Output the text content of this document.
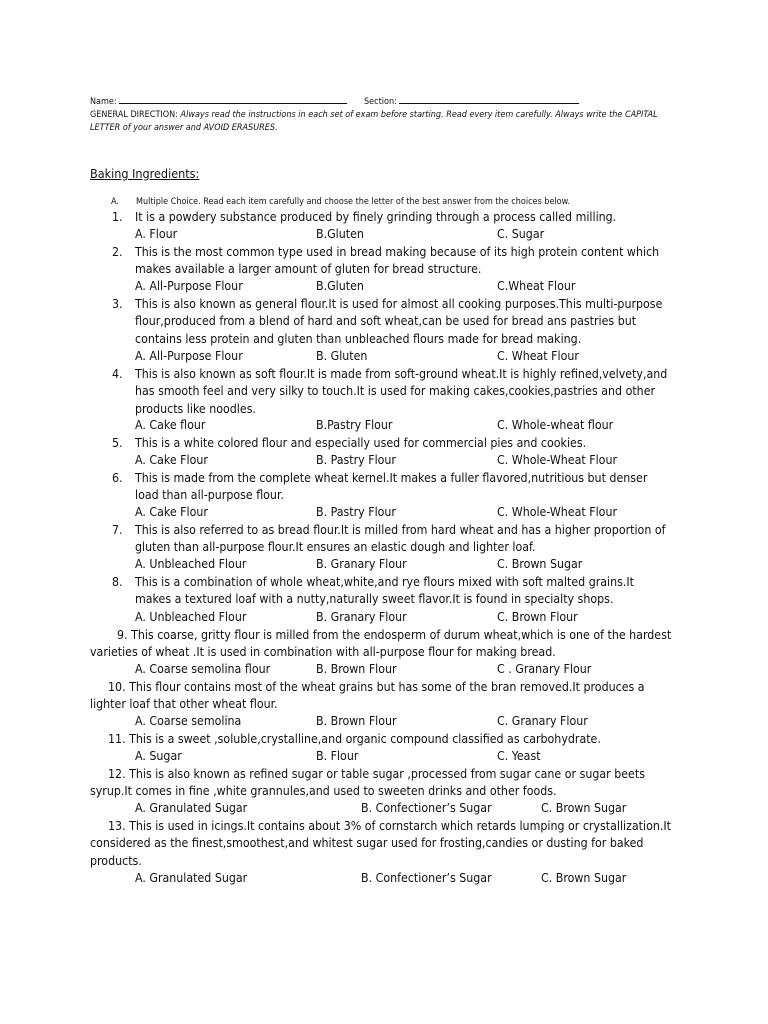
Name:	Section:
GENERAL DIRECTION: Always read the instructions in each set of exam before starting. Read every item carefully. Always write the CAPITAL LETTER of your answer and AVOID ERASURES.
Baking Ingredients:
A. Multiple Choice. Read each item carefully and choose the letter of the best answer from the choices below.
1.	It is a powdery substance produced by finely grinding through a process called milling.
A. Flour	B.Gluten	C. Sugar
2.	This is the most common type used in bread making because of its high protein content which makes available a larger amount of gluten for bread structure.
A. All-Purpose Flour	B.Gluten	C.Wheat Flour
3.	This is also known as general flour.It is used for almost all cooking purposes.This multi-purpose flour,produced from a blend of hard and soft wheat,can be used for bread ans pastries but contains less protein and gluten than unbleached flours made for bread making.
A. All-Purpose Flour	B. Gluten	C. Wheat Flour
4.	This is also known as soft flour.It is made from soft-ground wheat.It is highly refined,velvety,and has smooth feel and very silky to touch.It is used for making cakes,cookies,pastries and other products like noodles.
A. Cake flour	B.Pastry Flour	C. Whole-wheat flour
5.	This is a white colored flour and especially used for commercial pies and cookies.
A. Cake Flour	B. Pastry Flour	C. Whole-Wheat Flour
6.	This is made from the complete wheat kernel.It makes a fuller flavored,nutritious but denser load than all-purpose flour.
A. Cake Flour	B. Pastry Flour	C. Whole-Wheat Flour
7.	This is also referred to as bread flour.It is milled from hard wheat and has a higher proportion of gluten than all-purpose flour.It ensures an elastic dough and lighter loaf.
A. Unbleached Flour	B. Granary Flour	C. Brown Sugar
8.	This is a combination of whole wheat,white,and rye flours mixed with soft malted grains.It makes a textured loaf with a nutty,naturally sweet flavor.It is found in specialty shops.
A. Unbleached Flour	B. Granary Flour	C. Brown Flour
9. This coarse, gritty flour is milled from the endosperm of durum wheat,which is one of the hardest varieties of wheat .It is used in combination with all-purpose flour for making bread.
A. Coarse semolina flour	B. Brown Flour	C . Granary Flour
10. This flour contains most of the wheat grains but has some of the bran removed.It produces a lighter loaf that other wheat flour.
A. Coarse semolina	B. Brown Flour	C. Granary Flour
11. This is a sweet ,soluble,crystalline,and organic compound classified as carbohydrate.
A. Sugar	B. Flour	C. Yeast
12. This is also known as refined sugar or table sugar ,processed from sugar cane or sugar beets syrup.It comes in fine ,white grannules,and used to sweeten drinks and other foods.
A. Granulated Sugar	B. Confectioner’s Sugar	C. Brown Sugar
13. This is used in icings.It contains about 3% of cornstarch which retards lumping or crystallization.It considered as the finest,smoothest,and whitest sugar used for frosting,candies or dusting for baked products.
A. Granulated Sugar	B. Confectioner’s Sugar	C. Brown Sugar
